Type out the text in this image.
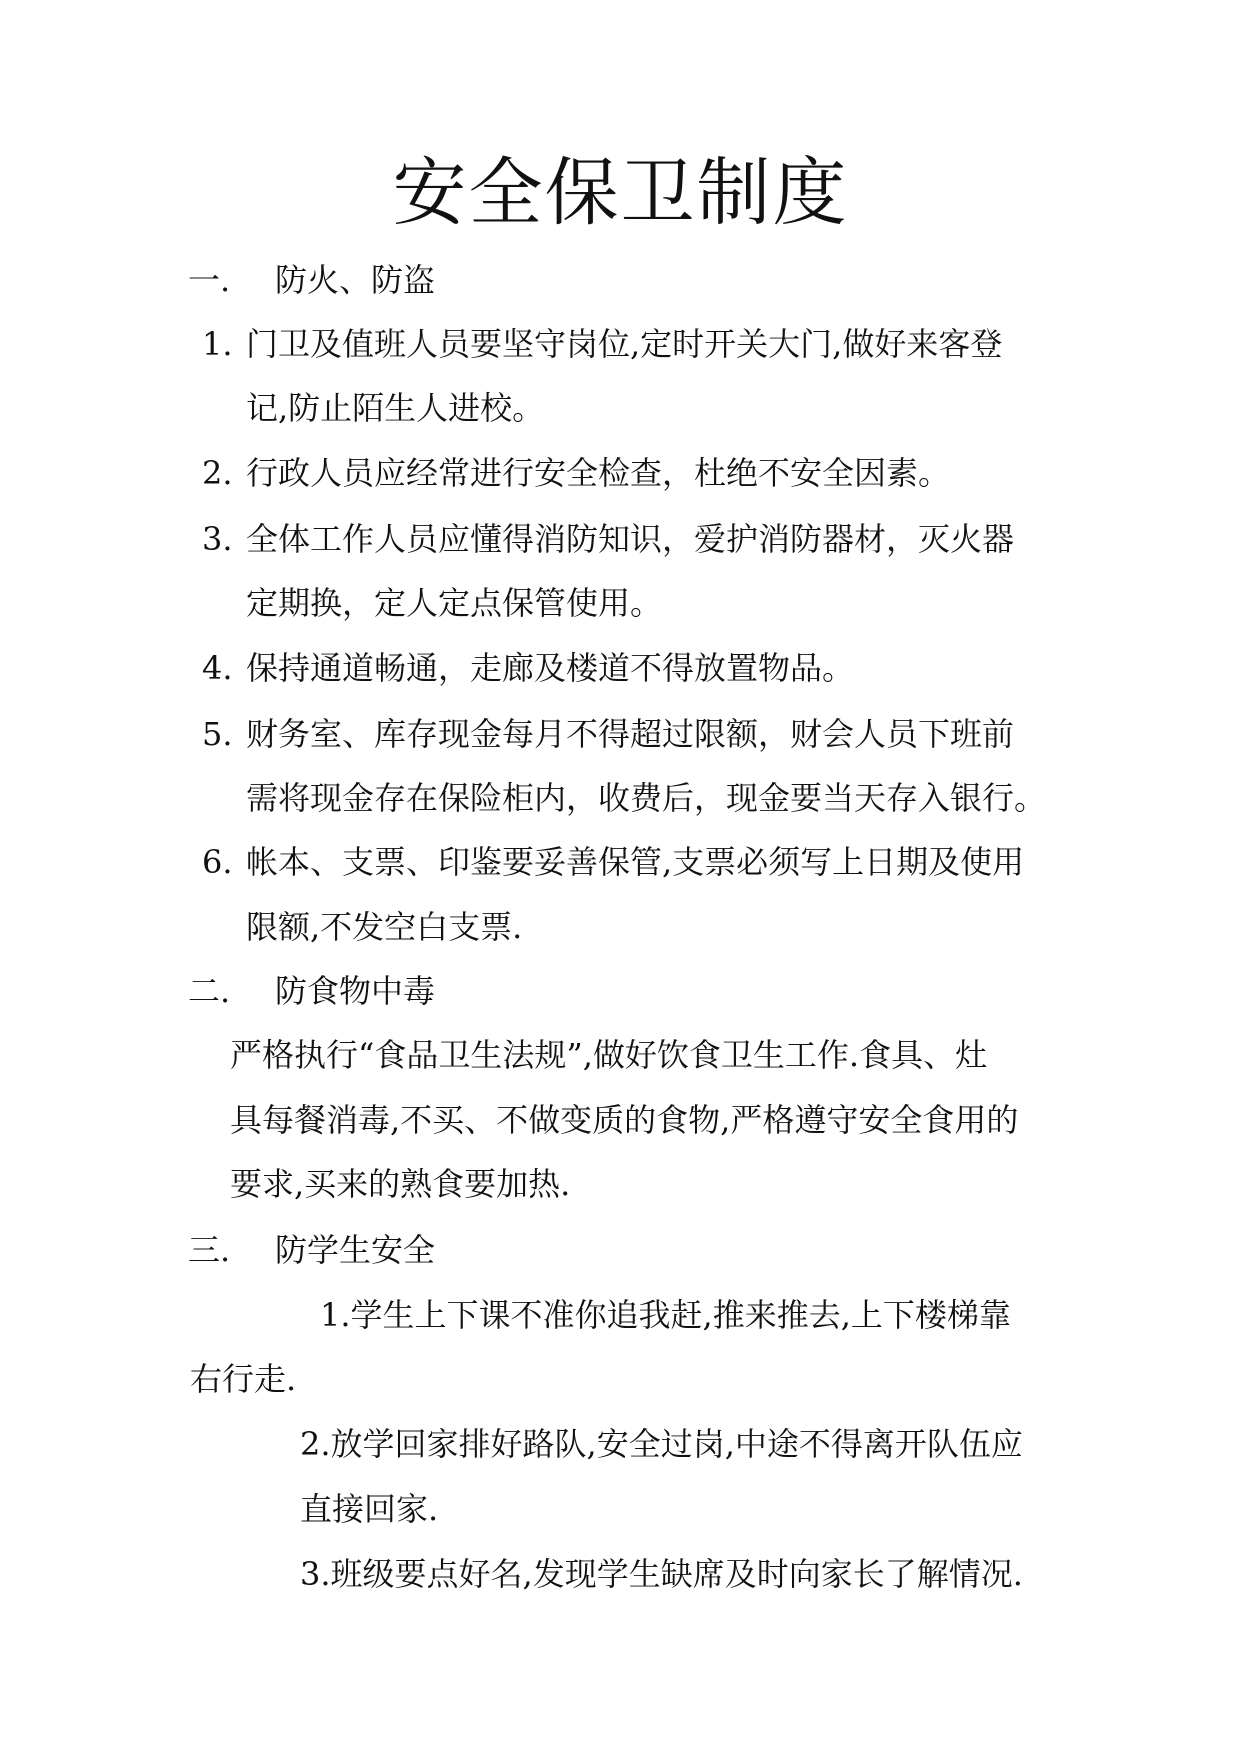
安全保卫制度
一. 防火、防盗
1. 门卫及值班人员要坚守岗位,定时开关大门,做好来客登
记,防止陌生人进校。
2. 行政人员应经常进行安全检查，杜绝不安全因素。
3. 全体工作人员应懂得消防知识，爱护消防器材，灭火器
定期换，定人定点保管使用。
4. 保持通道畅通，走廊及楼道不得放置物品。
5. 财务室、库存现金每月不得超过限额，财会人员下班前
需将现金存在保险柜内，收费后，现金要当天存入银行。
6. 帐本、支票、印鉴要妥善保管,支票必须写上日期及使用
限额,不发空白支票.
二. 防食物中毒
严格执行“食品卫生法规”,做好饮食卫生工作.食具、灶
具每餐消毒,不买、不做变质的食物,严格遵守安全食用的
要求,买来的熟食要加热.
三. 防学生安全
1.学生上下课不准你追我赶,推来推去,上下楼梯靠
右行走.
2.放学回家排好路队,安全过岗,中途不得离开队伍应
直接回家.
3.班级要点好名,发现学生缺席及时向家长了解情况.
